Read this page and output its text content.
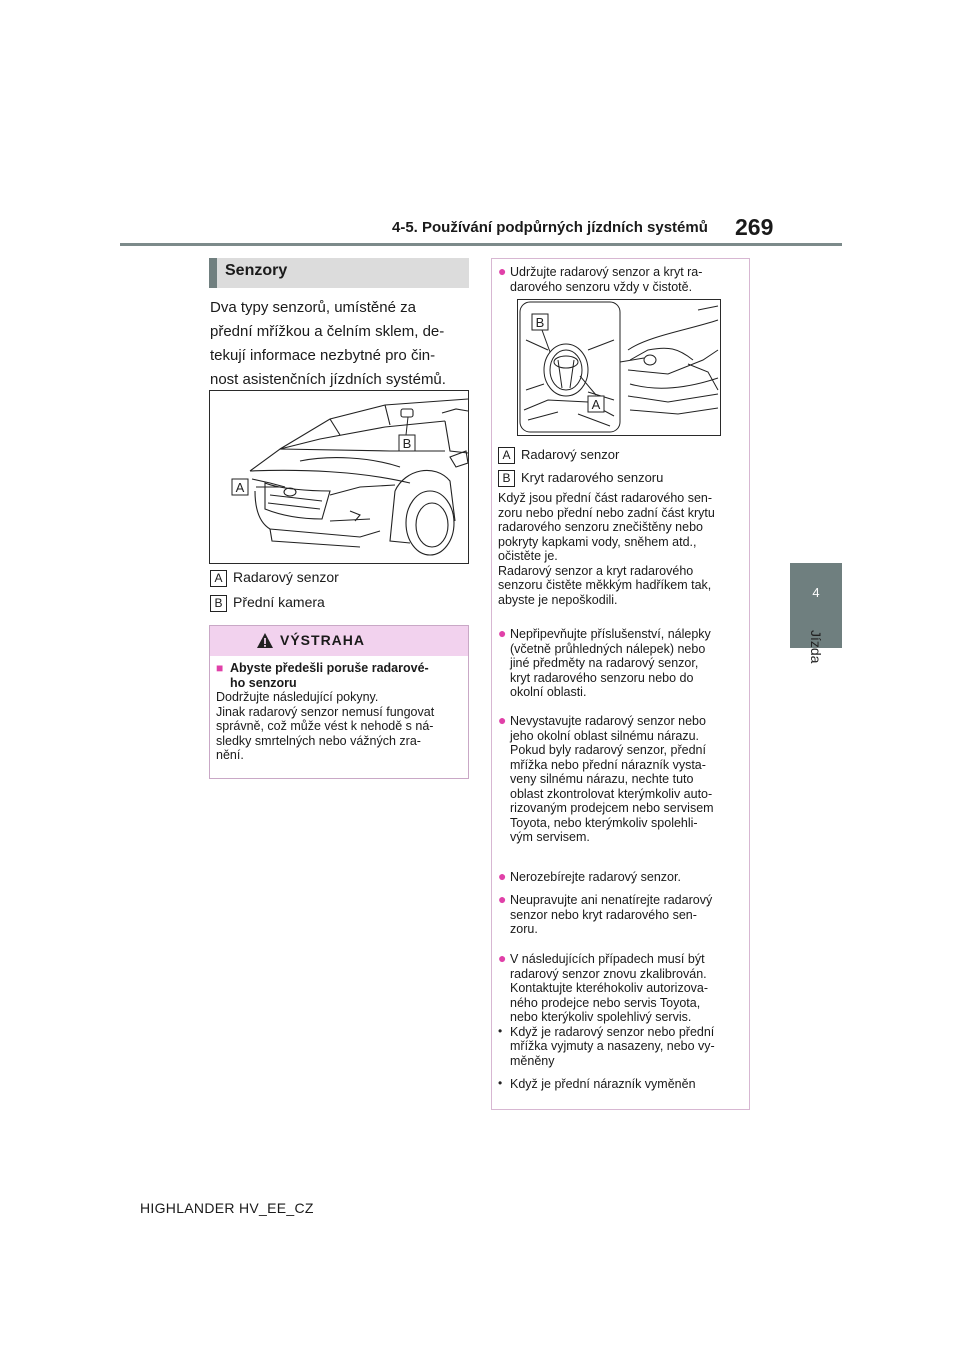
4-5. Používání podpůrných jízdních systémů 269
4
Jízda
Senzory
Dva typy senzorů, umístěné za
přední mřížkou a čelním sklem, de-
tekují informace nezbytné pro čin-
nost asistenčních jízdních systémů.
A
B
A Radarový senzor
B Přední kamera
VÝSTRAHA
■ Abyste předešli poruše radarové-
ho senzoru
Dodržujte následující pokyny.
Jinak radarový senzor nemusí fungovat
správně, což může vést k nehodě s ná-
sledky smrtelných nebo vážných zra-
nění.
● Udržujte radarový senzor a kryt ra-
darového senzoru vždy v čistotě.
B
A
A Radarový senzor
B Kryt radarového senzoru
Když jsou přední část radarového sen-
zoru nebo přední nebo zadní část krytu
radarového senzoru znečištěny nebo
pokryty kapkami vody, sněhem atd.,
očistěte je.
Radarový senzor a kryt radarového
senzoru čistěte měkkým hadříkem tak,
abyste je nepoškodili.
● Nepřipevňujte příslušenství, nálepky
(včetně průhledných nálepek) nebo
jiné předměty na radarový senzor,
kryt radarového senzoru nebo do
okolní oblasti.
● Nevystavujte radarový senzor nebo
jeho okolní oblast silnému nárazu.
Pokud byly radarový senzor, přední
mřížka nebo přední nárazník vysta-
veny silnému nárazu, nechte tuto
oblast zkontrolovat kterýmkoliv auto-
rizovaným prodejcem nebo servisem
Toyota, nebo kterýmkoliv spolehli-
vým servisem.
● Nerozebírejte radarový senzor.
● Neupravujte ani nenatírejte radarový
senzor nebo kryt radarového sen-
zoru.
● V následujících případech musí být
radarový senzor znovu zkalibrován.
Kontaktujte kteréhokoliv autorizova-
ného prodejce nebo servis Toyota,
nebo kterýkoliv spolehlivý servis.
• Když je radarový senzor nebo přední
mřížka vyjmuty a nasazeny, nebo vy-
měněny
• Když je přední nárazník vyměněn
HIGHLANDER HV_EE_CZ
